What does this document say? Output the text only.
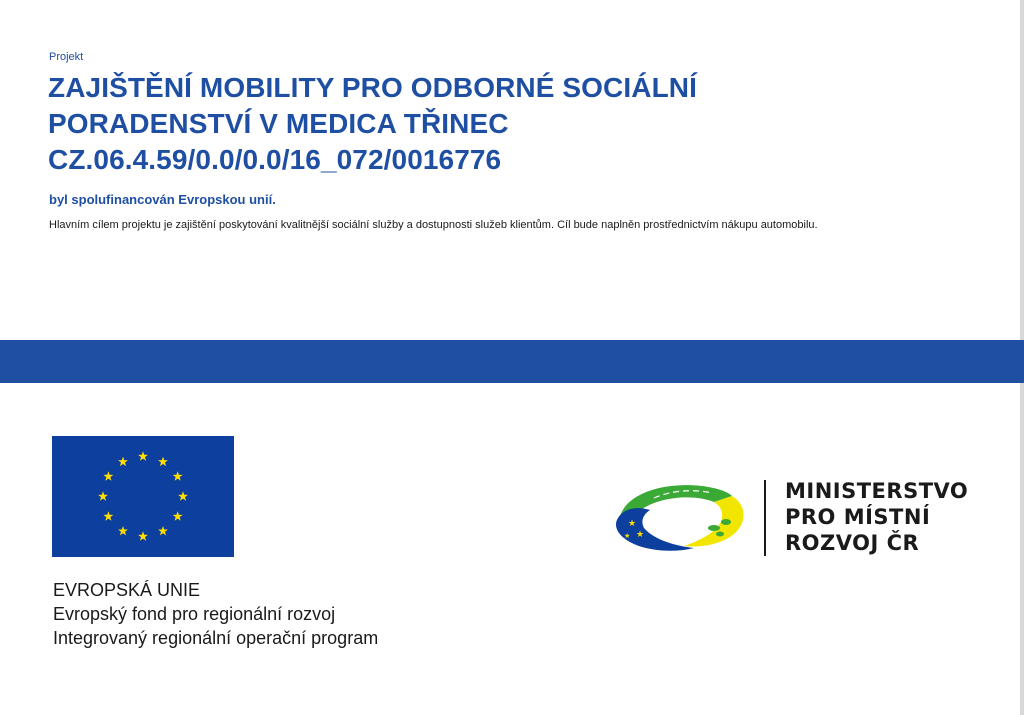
Projekt
ZAJIŠTĚNÍ MOBILITY PRO ODBORNÉ SOCIÁLNÍ
PORADENSTVÍ V MEDICA TŘINEC
CZ.06.4.59/0.0/0.0/16_072/0016776
byl spolufinancován Evropskou unií.
Hlavním cílem projektu je zajištění poskytování kvalitnější sociální služby a dostupnosti služeb klientům. Cíl bude naplněn prostřednictvím nákupu automobilu.
EVROPSKÁ UNIE
Evropský fond pro regionální rozvoj
Integrovaný regionální operační program
★
★
★
MINISTERSTVO
PRO MÍSTNÍ
ROZVOJ ČR
